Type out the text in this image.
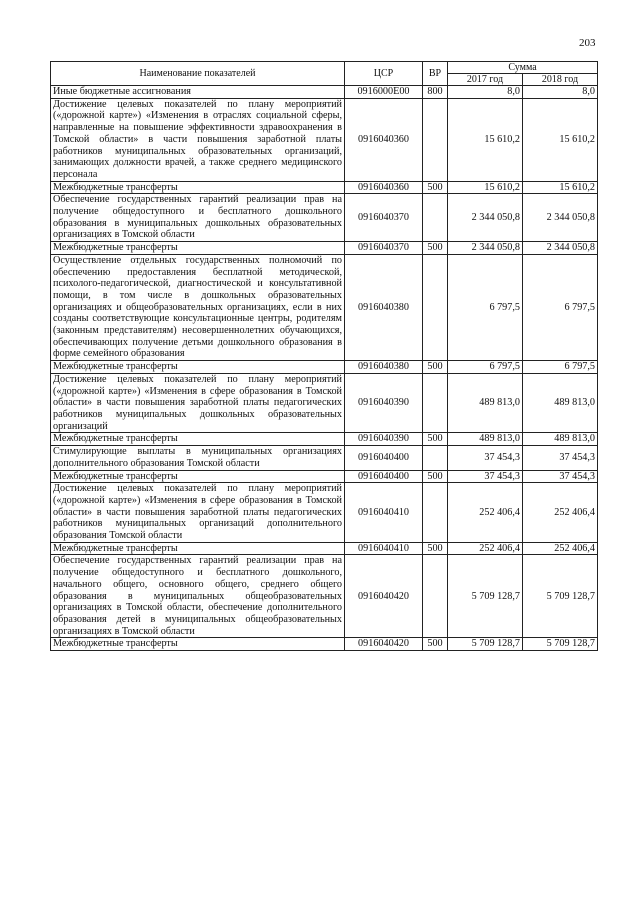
203
Наименование показателей	ЦСР	ВР	Сумма	
			2017 год	2018 год
Иные бюджетные ассигнования	0916000Е00	800	8,0	8,0
Достижение целевых показателей по плану мероприятий («дорожной карте») «Изменения в отраслях социальной сферы, направленные на повышение эффективности здравоохранения в Томской области» в части повышения заработной платы работников муниципальных образовательных организаций, занимающих должности врачей, а также среднего медицинского персонала	0916040360		15 610,2	15 610,2
Межбюджетные трансферты	0916040360	500	15 610,2	15 610,2
Обеспечение государственных гарантий реализации прав на получение общедоступного и бесплатного дошкольного образования в муниципальных дошкольных образовательных организациях в Томской области	0916040370		2 344 050,8	2 344 050,8
Межбюджетные трансферты	0916040370	500	2 344 050,8	2 344 050,8
Осуществление отдельных государственных полномочий по обеспечению предоставления бесплатной методической, психолого-педагогической, диагностической и консультативной помощи, в том числе в дошкольных образовательных организациях и общеобразовательных организациях, если в них созданы соответствующие консультационные центры, родителям (законным представителям) несовершеннолетних обучающихся, обеспечивающих получение детьми дошкольного образования в форме семейного образования	0916040380		6 797,5	6 797,5
Межбюджетные трансферты	0916040380	500	6 797,5	6 797,5
Достижение целевых показателей по плану мероприятий («дорожной карте») «Изменения в сфере образования в Томской области» в части повышения заработной платы педагогических работников муниципальных дошкольных образовательных организаций	0916040390		489 813,0	489 813,0
Межбюджетные трансферты	0916040390	500	489 813,0	489 813,0
Стимулирующие выплаты в муниципальных организациях дополнительного образования Томской области	0916040400		37 454,3	37 454,3
Межбюджетные трансферты	0916040400	500	37 454,3	37 454,3
Достижение целевых показателей по плану мероприятий («дорожной карте») «Изменения в сфере образования в Томской области» в части повышения заработной платы педагогических работников муниципальных организаций дополнительного образования Томской области	0916040410		252 406,4	252 406,4
Межбюджетные трансферты	0916040410	500	252 406,4	252 406,4
Обеспечение государственных гарантий реализации прав на получение общедоступного и бесплатного дошкольного, начального общего, основного общего, среднего общего образования в муниципальных общеобразовательных организациях в Томской области, обеспечение дополнительного образования детей в муниципальных общеобразовательных организациях в Томской области	0916040420		5 709 128,7	5 709 128,7
Межбюджетные трансферты	0916040420	500	5 709 128,7	5 709 128,7
